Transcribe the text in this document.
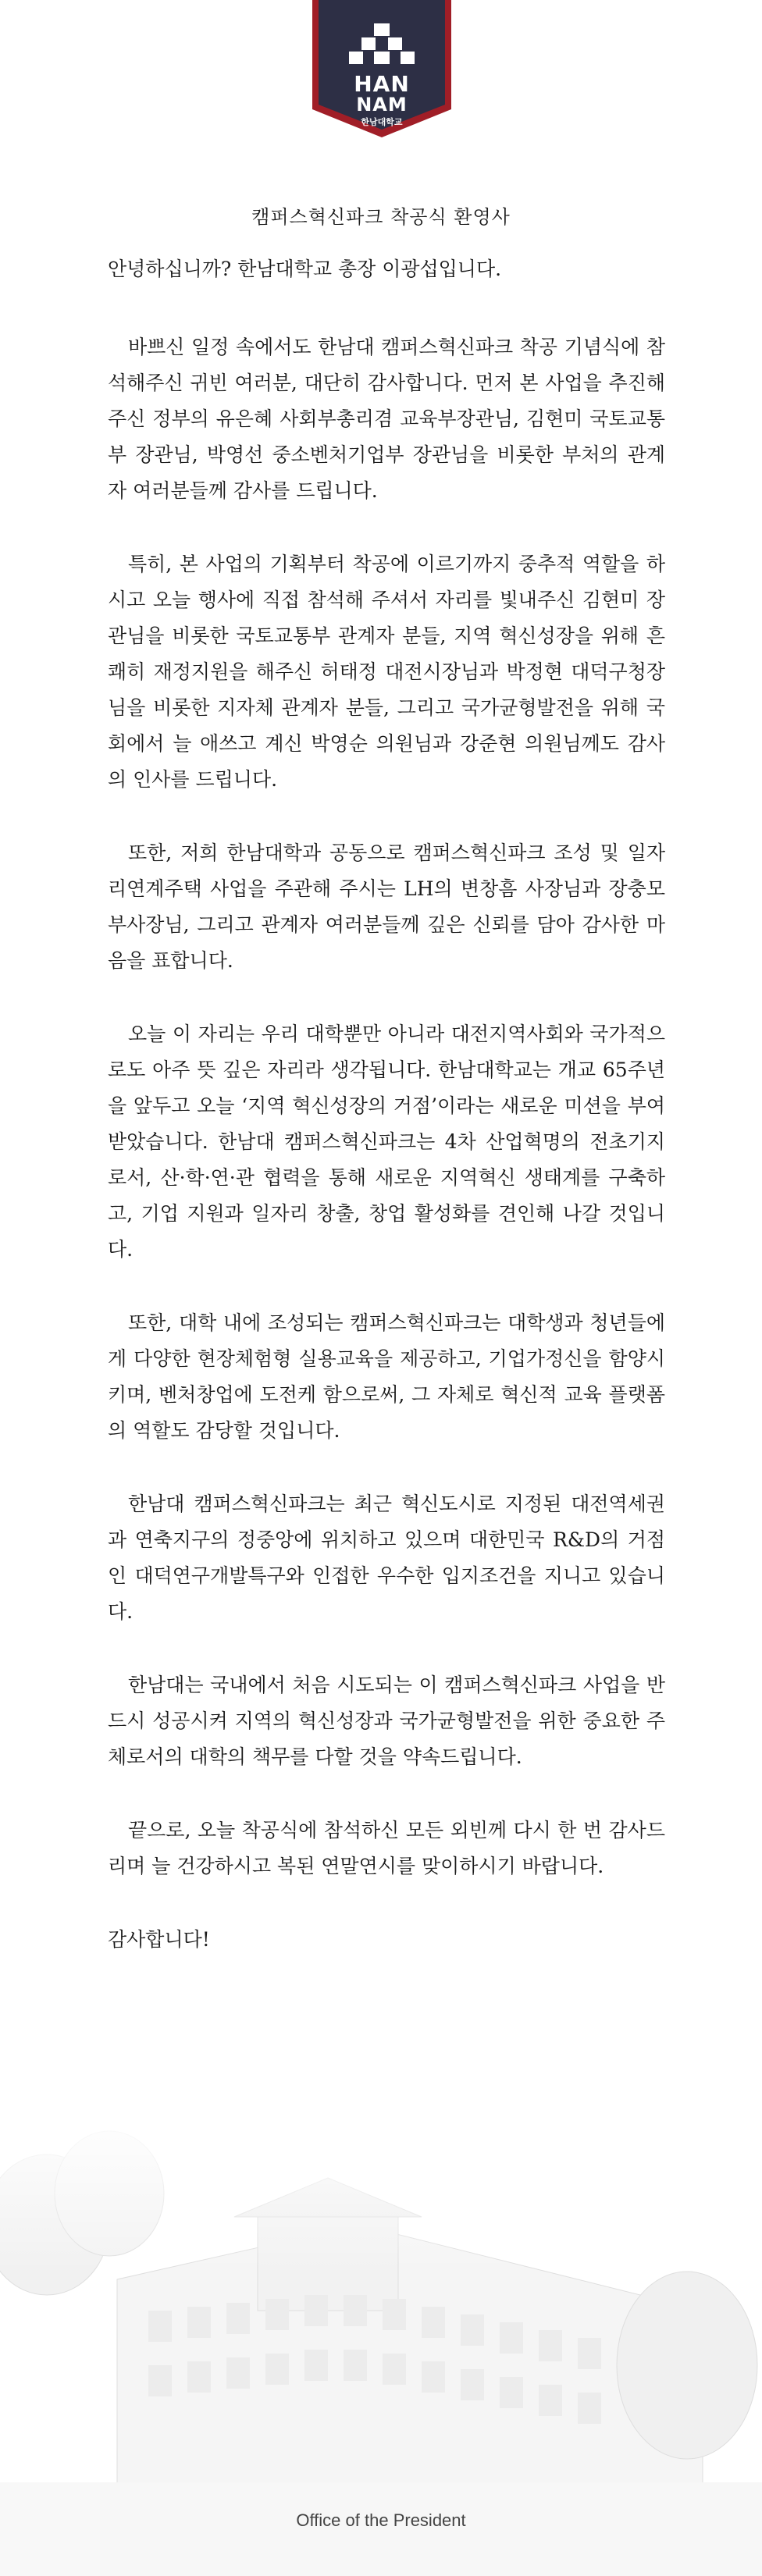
HAN
NAM
한남대학교
캠퍼스혁신파크 착공식 환영사

안녕하십니까? 한남대학교 총장 이광섭입니다.

바쁘신 일정 속에서도 한남대 캠퍼스혁신파크 착공 기념식에 참석해주신 귀빈 여러분, 대단히 감사합니다. 먼저 본 사업을 추진해 주신 정부의 유은혜 사회부총리겸 교육부장관님, 김현미 국토교통부 장관님, 박영선 중소벤처기업부 장관님을 비롯한 부처의 관계자 여러분들께 감사를 드립니다.

특히, 본 사업의 기획부터 착공에 이르기까지 중추적 역할을 하시고 오늘 행사에 직접 참석해 주셔서 자리를 빛내주신 김현미 장관님을 비롯한 국토교통부 관계자 분들, 지역 혁신성장을 위해 흔쾌히 재정지원을 해주신 허태정 대전시장님과 박정현 대덕구청장님을 비롯한 지자체 관계자 분들, 그리고 국가균형발전을 위해 국회에서 늘 애쓰고 계신 박영순 의원님과 강준현 의원님께도 감사의 인사를 드립니다.

또한, 저희 한남대학과 공동으로 캠퍼스혁신파크 조성 및 일자리연계주택 사업을 주관해 주시는 LH의 변창흠 사장님과 장충모 부사장님, 그리고 관계자 여러분들께 깊은 신뢰를 담아 감사한 마음을 표합니다.

오늘 이 자리는 우리 대학뿐만 아니라 대전지역사회와 국가적으로도 아주 뜻 깊은 자리라 생각됩니다. 한남대학교는 개교 65주년을 앞두고 오늘 ‘지역 혁신성장의 거점’이라는 새로운 미션을 부여받았습니다. 한남대 캠퍼스혁신파크는 4차 산업혁명의 전초기지로서, 산·학·연·관 협력을 통해 새로운 지역혁신 생태계를 구축하고, 기업 지원과 일자리 창출, 창업 활성화를 견인해 나갈 것입니다.

또한, 대학 내에 조성되는 캠퍼스혁신파크는 대학생과 청년들에게 다양한 현장체험형 실용교육을 제공하고, 기업가정신을 함양시키며, 벤처창업에 도전케 함으로써, 그 자체로 혁신적 교육 플랫폼의 역할도 감당할 것입니다.

한남대 캠퍼스혁신파크는 최근 혁신도시로 지정된 대전역세권과 연축지구의 정중앙에 위치하고 있으며 대한민국 R&D의 거점인 대덕연구개발특구와 인접한 우수한 입지조건을 지니고 있습니다.

한남대는 국내에서 처음 시도되는 이 캠퍼스혁신파크 사업을 반드시 성공시켜 지역의 혁신성장과 국가균형발전을 위한 중요한 주체로서의 대학의 책무를 다할 것을 약속드립니다.

끝으로, 오늘 착공식에 참석하신 모든 외빈께 다시 한 번 감사드리며 늘 건강하시고 복된 연말연시를 맞이하시기 바랍니다.

감사합니다!

Office of the President
